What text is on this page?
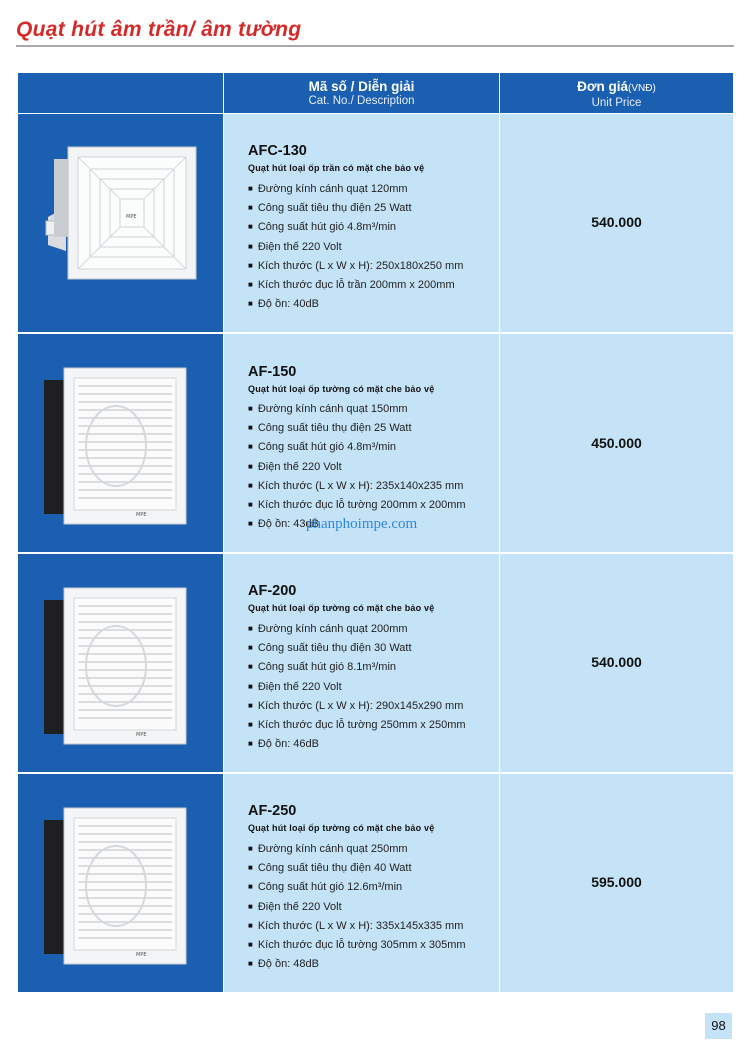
Quạt hút âm trần/ âm tường
Mã số / Diễn giải
Cat. No./ Description
Đơn giá(VNĐ)
Unit Price
MPE
AFC-130
Quạt hút loại ốp trần có mặt che bảo vệ
■ Đường kính cánh quạt 120mm
■ Công suất tiêu thụ điện 25 Watt
■ Công suất hút gió 4.8m³/min
■ Điện thế 220 Volt
■ Kích thước (L x W x H): 250x180x250 mm
■ Kích thước đục lỗ trần 200mm x 200mm
■ Độ ồn: 40dB
540.000
MPE
AF-150
Quạt hút loại ốp tường có mặt che bảo vệ
■ Đường kính cánh quạt 150mm
■ Công suất tiêu thụ điện 25 Watt
■ Công suất hút gió 4.8m³/min
■ Điện thế 220 Volt
■ Kích thước (L x W x H): 235x140x235 mm
■ Kích thước đục lỗ tường 200mm x 200mm
■ Độ ồn: 43dB
450.000
MPE
AF-200
Quạt hút loại ốp tường có mặt che bảo vệ
■ Đường kính cánh quạt 200mm
■ Công suất tiêu thụ điện 30 Watt
■ Công suất hút gió 8.1m³/min
■ Điện thế 220 Volt
■ Kích thước (L x W x H): 290x145x290 mm
■ Kích thước đục lỗ tường 250mm x 250mm
■ Độ ồn: 46dB
540.000
MPE
AF-250
Quạt hút loại ốp tường có mặt che bảo vệ
■ Đường kính cánh quạt 250mm
■ Công suất tiêu thụ điện 40 Watt
■ Công suất hút gió 12.6m³/min
■ Điện thế 220 Volt
■ Kích thước (L x W x H): 335x145x335 mm
■ Kích thước đục lỗ tường 305mm x 305mm
■ Độ ồn: 48dB
595.000
phanphoimpe.com
98
